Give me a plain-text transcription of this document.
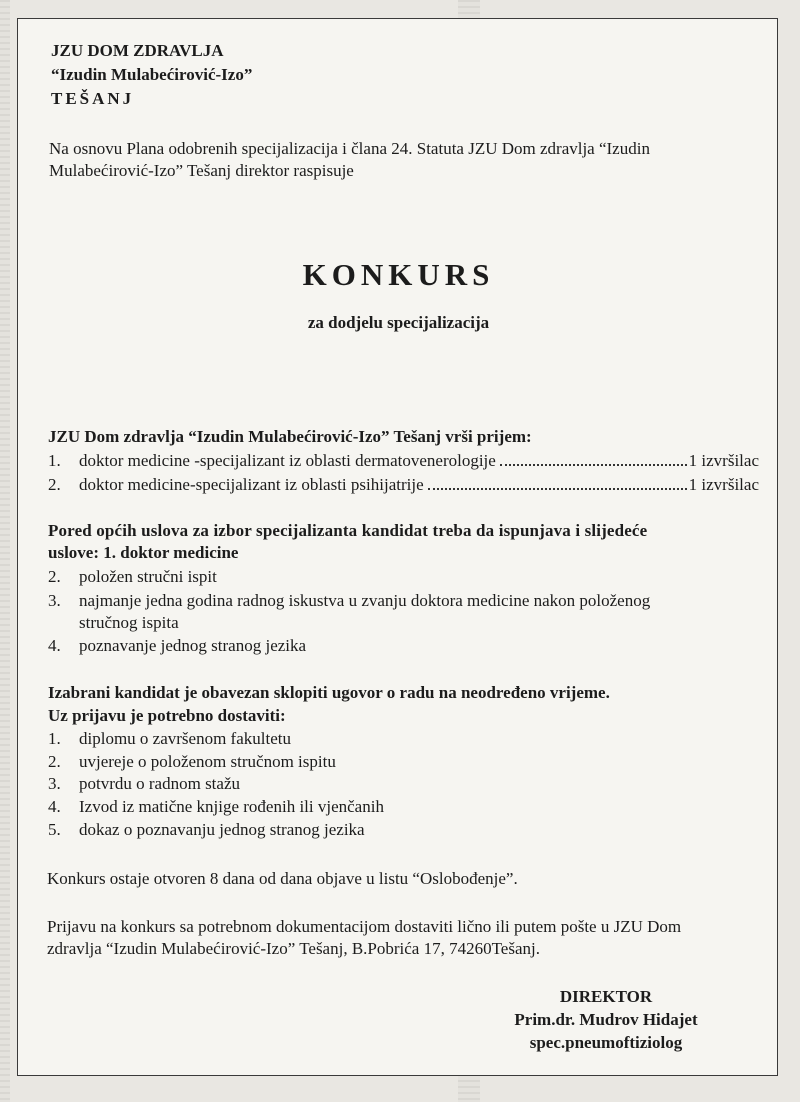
JZU DOM ZDRAVLJA
“Izudin Mulabećirović-Izo”
TEŠANJ
Na osnovu Plana odobrenih specijalizacija i člana 24. Statuta JZU Dom zdravlja “Izudin
Mulabećirović-Izo” Tešanj direktor raspisuje
KONKURS
za dodjelu specijalizacija
JZU Dom zdravlja “Izudin Mulabećirović-Izo” Tešanj vrši prijem:
1. doktor medicine -specijalizant iz oblasti dermatovenerologije	1 izvršilac
2. doktor medicine-specijalizant iz oblasti psihijatrije	1 izvršilac
Pored općih uslova za izbor specijalizanta kandidat treba da ispunjava i slijedeće
uslove: 1. doktor medicine
2. položen stručni ispit
3. najmanje jedna godina radnog iskustva u zvanju doktora medicine nakon položenog
stručnog ispita
4. poznavanje jednog stranog jezika
Izabrani kandidat je obavezan sklopiti ugovor o radu na neodređeno vrijeme.
Uz prijavu je potrebno dostaviti:
1. diplomu o završenom fakultetu
2. uvjereje o položenom stručnom ispitu
3. potvrdu o radnom stažu
4. Izvod iz matične knjige rođenih ili vjenčanih
5. dokaz o poznavanju jednog stranog jezika
Konkurs ostaje otvoren 8 dana od dana objave u listu “Oslobođenje”.
Prijavu na konkurs sa potrebnom dokumentacijom dostaviti lično ili putem pošte u JZU Dom
zdravlja “Izudin Mulabećirović-Izo” Tešanj, B.Pobrića 17, 74260Tešanj.
DIREKTOR
Prim.dr. Mudrov Hidajet
spec.pneumoftiziolog
